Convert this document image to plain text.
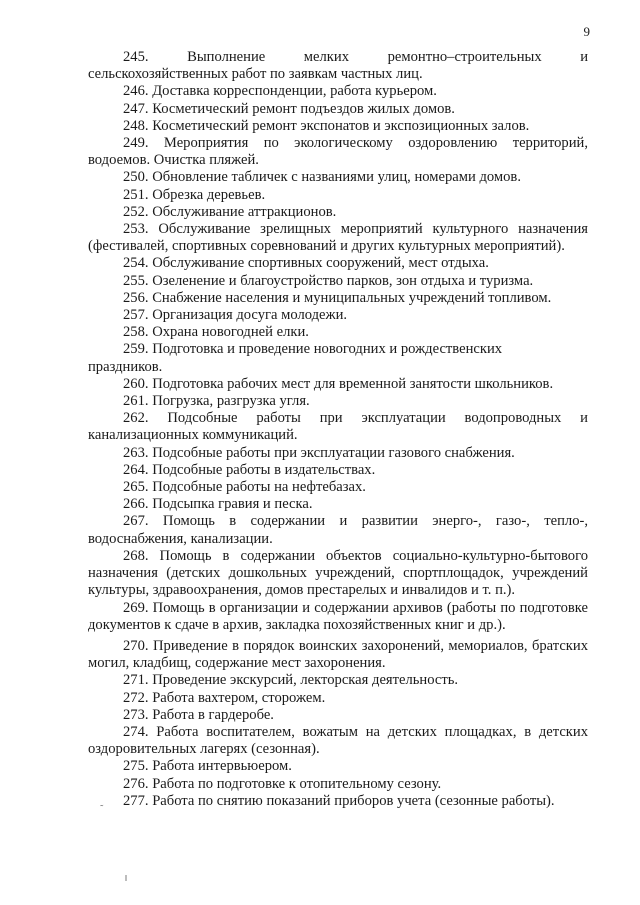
9

245. Выполнение мелких ремонтно–строительных и сельскохозяйственных работ по заявкам частных лиц.

246. Доставка корреспонденции, работа курьером.

247. Косметический ремонт подъездов жилых домов.

248. Косметический ремонт экспонатов и экспозиционных залов.

249. Мероприятия по экологическому оздоровлению территорий, водоемов. Очистка пляжей.

250. Обновление табличек с названиями улиц, номерами домов.

251. Обрезка деревьев.

252. Обслуживание аттракционов.

253. Обслуживание зрелищных мероприятий культурного назначения (фестивалей, спортивных соревнований и других культурных мероприятий).

254. Обслуживание спортивных сооружений, мест отдыха.

255. Озеленение и благоустройство парков, зон отдыха и туризма.

256. Снабжение населения и муниципальных учреждений топливом.

257. Организация досуга молодежи.

258. Охрана новогодней елки.

259. Подготовка и проведение новогодних и рождественских

праздников.

260. Подготовка рабочих мест для временной занятости школьников.

261. Погрузка, разгрузка угля.

262. Подсобные работы при эксплуатации водопроводных и канализационных коммуникаций.

263. Подсобные работы при эксплуатации газового снабжения.

264. Подсобные работы в издательствах.

265. Подсобные работы на нефтебазах.

266. Подсыпка гравия и песка.

267. Помощь в содержании и развитии энерго-, газо-, тепло-, водоснабжения, канализации.

268. Помощь в содержании объектов социально-культурно-бытового назначения (детских дошкольных учреждений, спортплощадок, учреждений культуры, здравоохранения, домов престарелых и инвалидов и т. п.).

269. Помощь в организации и содержании архивов (работы по подготовке документов к сдаче в архив, закладка похозяйственных книг и др.).

270. Приведение в порядок воинских захоронений, мемориалов, братских могил, кладбищ, содержание мест захоронения.

271. Проведение экскурсий, лекторская деятельность.

272. Работа вахтером, сторожем.

273. Работа в гардеробе.

274. Работа воспитателем, вожатым на детских площадках, в детских оздоровительных лагерях (сезонная).

275. Работа интервьюером.

276. Работа по подготовке к отопительному сезону.

277. Работа по снятию показаний приборов учета (сезонные работы).

˜
